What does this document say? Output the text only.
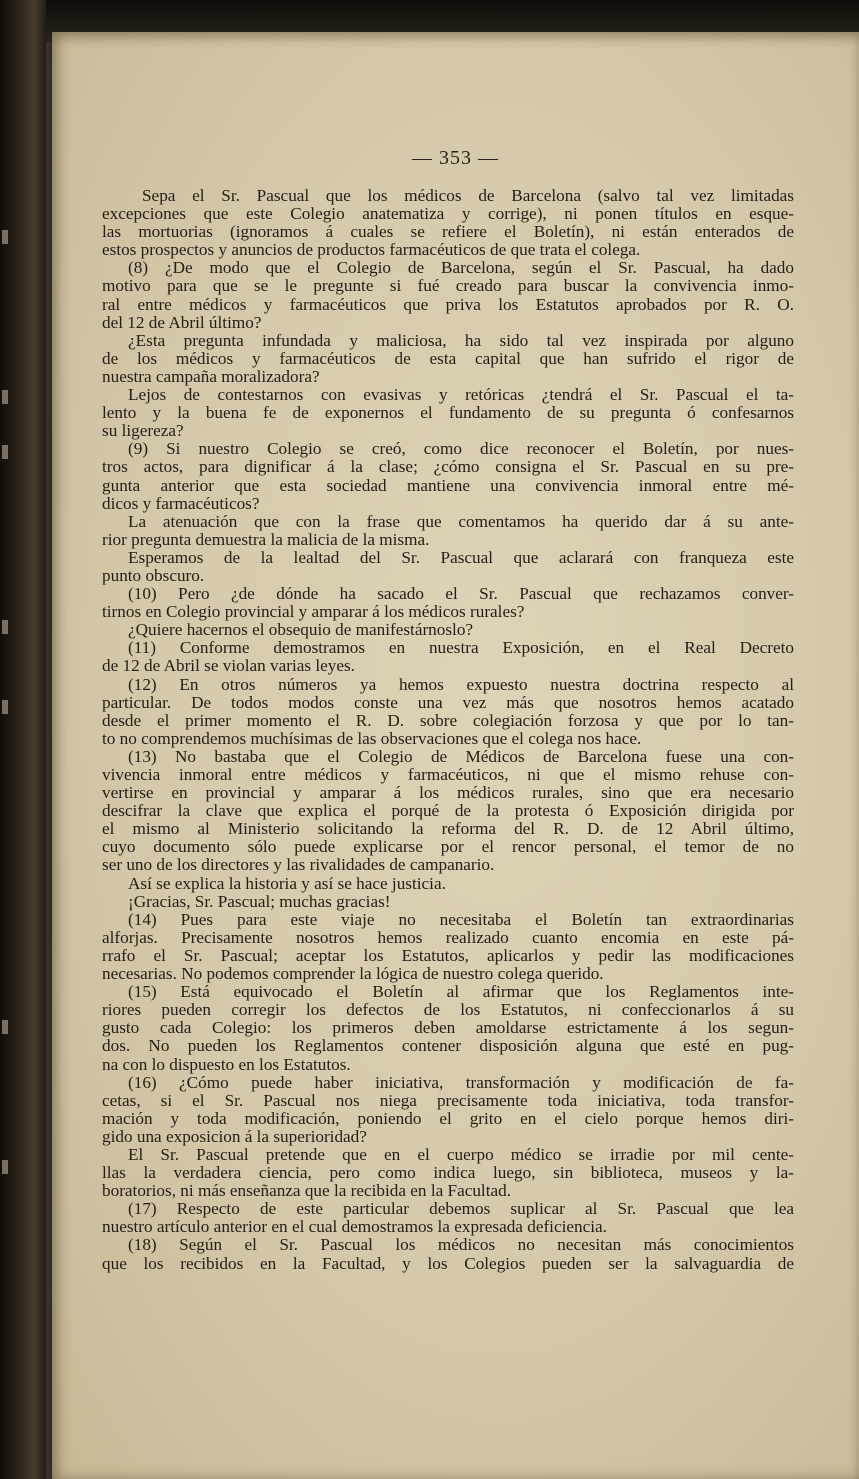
— 353 —
Sepa el Sr. Pascual que los médicos de Barcelona (salvo tal vez limitadas
excepciones que este Colegio anatematiza y corrige), ni ponen títulos en esque-
las mortuorias (ignoramos á cuales se refiere el Boletín), ni están enterados de
estos prospectos y anuncios de productos farmacéuticos de que trata el colega.
(8) ¿De modo que el Colegio de Barcelona, según el Sr. Pascual, ha dado
motivo para que se le pregunte si fué creado para buscar la convivencia inmo-
ral entre médicos y farmacéuticos que priva los Estatutos aprobados por R. O.
del 12 de Abril último?
¿Esta pregunta infundada y maliciosa, ha sido tal vez inspirada por alguno
de los médicos y farmacéuticos de esta capital que han sufrido el rigor de
nuestra campaña moralizadora?
Lejos de contestarnos con evasivas y retóricas ¿tendrá el Sr. Pascual el ta-
lento y la buena fe de exponernos el fundamento de su pregunta ó confesarnos
su ligereza?
(9) Si nuestro Colegio se creó, como dice reconocer el Boletín, por nues-
tros actos, para dignificar á la clase; ¿cómo consigna el Sr. Pascual en su pre-
gunta anterior que esta sociedad mantiene una convivencia inmoral entre mé-
dicos y farmacéuticos?
La atenuación que con la frase que comentamos ha querido dar á su ante-
rior pregunta demuestra la malicia de la misma.
Esperamos de la lealtad del Sr. Pascual que aclarará con franqueza este
punto obscuro.
(10) Pero ¿de dónde ha sacado el Sr. Pascual que rechazamos conver-
tirnos en Colegio provincial y amparar á los médicos rurales?
¿Quiere hacernos el obsequio de manifestárnoslo?
(11) Conforme demostramos en nuestra Exposición, en el Real Decreto
de 12 de Abril se violan varias leyes.
(12) En otros números ya hemos expuesto nuestra doctrina respecto al
particular. De todos modos conste una vez más que nosotros hemos acatado
desde el primer momento el R. D. sobre colegiación forzosa y que por lo tan-
to no comprendemos muchísimas de las observaciones que el colega nos hace.
(13) No bastaba que el Colegio de Médicos de Barcelona fuese una con-
vivencia inmoral entre médicos y farmacéuticos, ni que el mismo rehuse con-
vertirse en provincial y amparar á los médicos rurales, sino que era necesario
descifrar la clave que explica el porqué de la protesta ó Exposición dirigida por
el mismo al Ministerio solicitando la reforma del R. D. de 12 Abril último,
cuyo documento sólo puede explicarse por el rencor personal, el temor de no
ser uno de los directores y las rivalidades de campanario.
Así se explica la historia y así se hace justicia.
¡Gracias, Sr. Pascual; muchas gracias!
(14) Pues para este viaje no necesitaba el Boletín tan extraordinarias
alforjas. Precisamente nosotros hemos realizado cuanto encomia en este pá-
rrafo el Sr. Pascual; aceptar los Estatutos, aplicarlos y pedir las modificaciones
necesarias. No podemos comprender la lógica de nuestro colega querido.
(15) Está equivocado el Boletín al afirmar que los Reglamentos inte-
riores pueden corregir los defectos de los Estatutos, ni confeccionarlos á su
gusto cada Colegio: los primeros deben amoldarse estrictamente á los segun-
dos. No pueden los Reglamentos contener disposición alguna que esté en pug-
na con lo dispuesto en los Estatutos.
(16) ¿Cómo puede haber iniciativa, transformación y modificación de fa-
cetas, si el Sr. Pascual nos niega precisamente toda iniciativa, toda transfor-
mación y toda modificación, poniendo el grito en el cielo porque hemos diri-
gido una exposicion á la superioridad?
El Sr. Pascual pretende que en el cuerpo médico se irradie por mil cente-
llas la verdadera ciencia, pero como indica luego, sin biblioteca, museos y la-
boratorios, ni más enseñanza que la recibida en la Facultad.
(17) Respecto de este particular debemos suplicar al Sr. Pascual que lea
nuestro artículo anterior en el cual demostramos la expresada deficiencia.
(18) Según el Sr. Pascual los médicos no necesitan más conocimientos
que los recibidos en la Facultad, y los Colegios pueden ser la salvaguardia de
